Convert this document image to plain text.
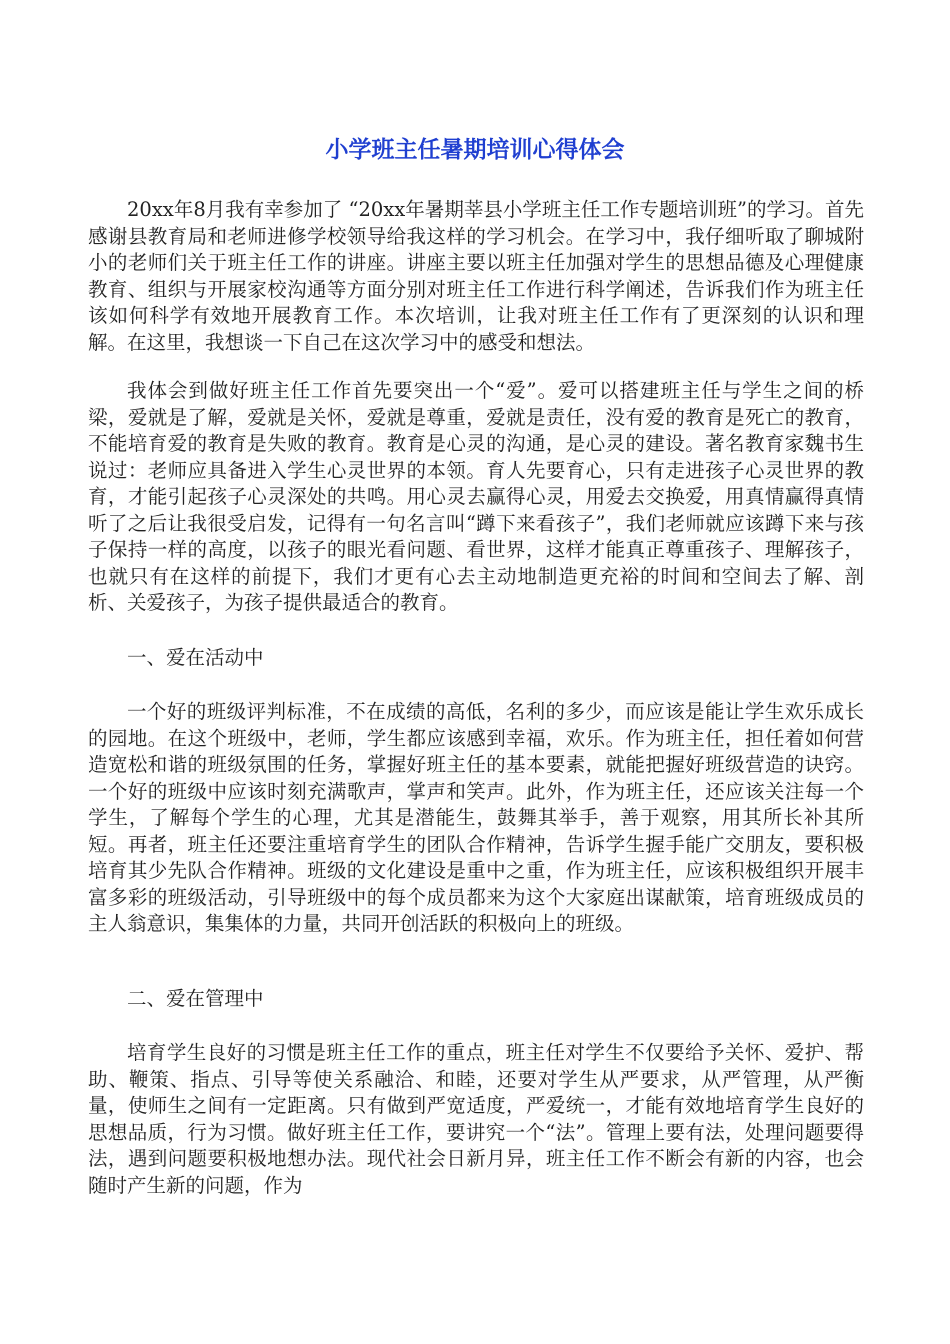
小学班主任暑期培训心得体会

20xx年8月我有幸参加了 “20xx年暑期莘县小学班主任工作专题培训班”的学习。首先感谢县教育局和老师进修学校领导给我这样的学习机会。在学习中，我仔细听取了聊城附小的老师们关于班主任工作的讲座。讲座主要以班主任加强对学生的思想品德及心理健康教育、组织与开展家校沟通等方面分别对班主任工作进行科学阐述，告诉我们作为班主任该如何科学有效地开展教育工作。本次培训，让我对班主任工作有了更深刻的认识和理解。在这里，我想谈一下自己在这次学习中的感受和想法。

我体会到做好班主任工作首先要突出一个“爱”。爱可以搭建班主任与学生之间的桥梁，爱就是了解，爱就是关怀，爱就是尊重，爱就是责任，没有爱的教育是死亡的教育，不能培育爱的教育是失败的教育。教育是心灵的沟通，是心灵的建设。著名教育家魏书生说过：老师应具备进入学生心灵世界的本领。育人先要育心，只有走进孩子心灵世界的教育，才能引起孩子心灵深处的共鸣。用心灵去赢得心灵，用爱去交换爱，用真情赢得真情听了之后让我很受启发，记得有一句名言叫“蹲下来看孩子”，我们老师就应该蹲下来与孩子保持一样的高度，以孩子的眼光看问题、看世界，这样才能真正尊重孩子、理解孩子，也就只有在这样的前提下，我们才更有心去主动地制造更充裕的时间和空间去了解、剖析、关爱孩子，为孩子提供最适合的教育。

一、爱在活动中

一个好的班级评判标准，不在成绩的高低，名利的多少，而应该是能让学生欢乐成长的园地。在这个班级中，老师，学生都应该感到幸福，欢乐。作为班主任，担任着如何营造宽松和谐的班级氛围的任务，掌握好班主任的基本要素，就能把握好班级营造的诀窍。一个好的班级中应该时刻充满歌声，掌声和笑声。此外，作为班主任，还应该关注每一个学生，了解每个学生的心理，尤其是潜能生，鼓舞其举手，善于观察，用其所长补其所短。再者，班主任还要注重培育学生的团队合作精神，告诉学生握手能广交朋友，要积极培育其少先队合作精神。班级的文化建设是重中之重，作为班主任，应该积极组织开展丰富多彩的班级活动，引导班级中的每个成员都来为这个大家庭出谋献策，培育班级成员的主人翁意识，集集体的力量，共同开创活跃的积极向上的班级。

二、爱在管理中

培育学生良好的习惯是班主任工作的重点，班主任对学生不仅要给予关怀、爱护、帮助、鞭策、指点、引导等使关系融洽、和睦，还要对学生从严要求，从严管理，从严衡量，使师生之间有一定距离。只有做到严宽适度，严爱统一，才能有效地培育学生良好的思想品质，行为习惯。做好班主任工作，要讲究一个“法”。管理上要有法，处理问题要得法，遇到问题要积极地想办法。现代社会日新月异，班主任工作不断会有新的内容，也会随时产生新的问题，作为
